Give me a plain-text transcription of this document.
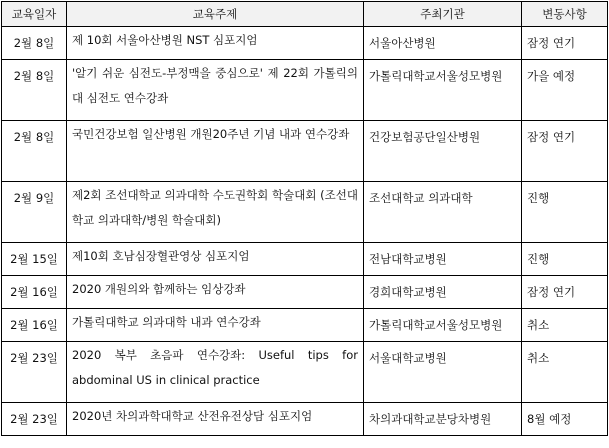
교육일자	교육주제	주최기관	변동사항
2월 8일	제 10회 서울아산병원 NST 심포지엄	서울아산병원	잠정 연기
2월 8일	'알기 쉬운 심전도-부정맥을 중심으로' 제 22회 가톨릭의대 심전도 연수강좌	가톨릭대학교서울성모병원	가을 예정
2월 8일	국민건강보험 일산병원 개원20주년 기념 내과 연수강좌	건강보험공단일산병원	잠정 연기
2월 9일	제2회 조선대학교 의과대학 수도권학회 학술대회 (조선대학교 의과대학/병원 학술대회)	조선대학교 의과대학	진행
2월 15일	제10회 호남심장혈관영상 심포지엄	전남대학교병원	진행
2월 16일	2020 개원의와 함께하는 임상강좌	경희대학교병원	잠정 연기
2월 16일	가톨릭대학교 의과대학 내과 연수강좌	가톨릭대학교서울성모병원	취소
2월 23일	2020 복부 초음파 연수강좌: Useful tips for abdominal US in clinical practice	서울대학교병원	취소
2월 23일	2020년 차의과학대학교 산전유전상담 심포지엄	차의과대학교분당차병원	8월 예정
